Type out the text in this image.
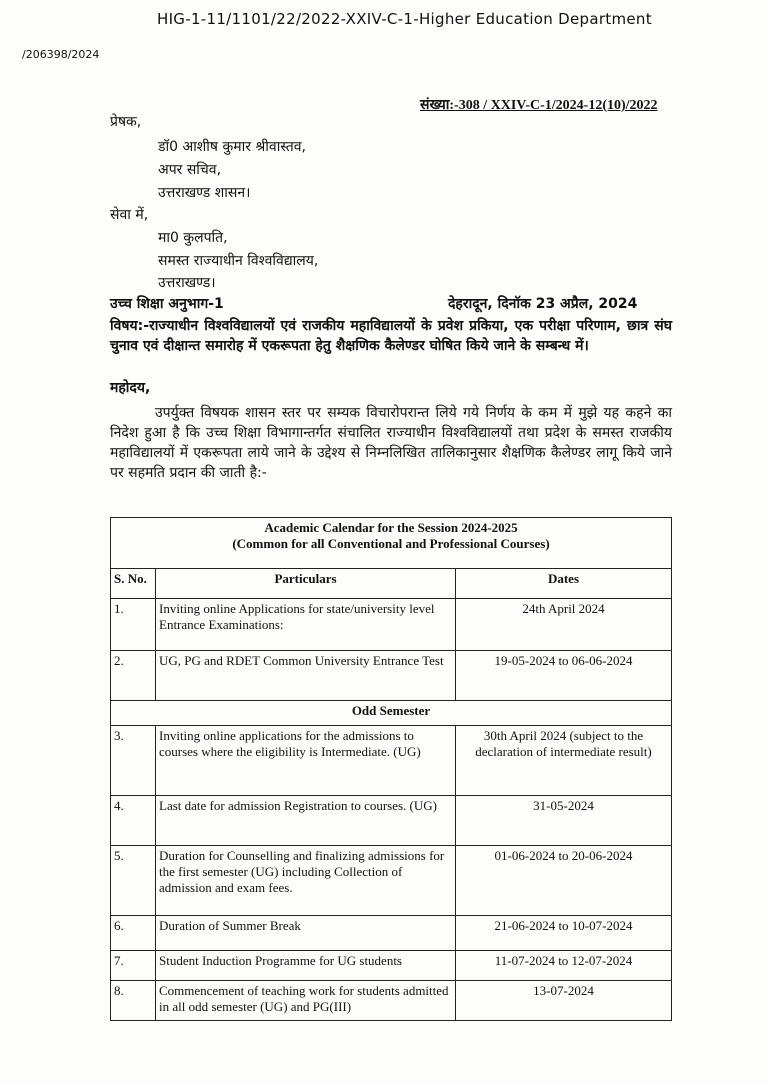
HIG-1-11/1101/22/2022-XXIV-C-1-Higher Education Department
/206398/2024
संख्या:-308 / XXIV-C-1/2024-12(10)/2022
प्रेषक,
डॉ0 आशीष कुमार श्रीवास्तव,
अपर सचिव,
उत्तराखण्ड शासन।
सेवा में,
मा0 कुलपति,
समस्त राज्याधीन विश्वविद्यालय,
उत्तराखण्ड।
उच्च शिक्षा अनुभाग-1	देहरादून, दिनॉक 23 अप्रैल, 2024
विषय:-राज्याधीन विश्वविद्यालयों एवं राजकीय महाविद्यालयों के प्रवेश प्रकिया, एक परीक्षा परिणाम, छात्र संघ चुनाव एवं दीक्षान्त समारोह में एकरूपता हेतु शैक्षणिक कैलेण्डर घोषित किये जाने के सम्बन्ध में।
महोदय,
उपर्युक्त विषयक शासन स्तर पर सम्यक विचारोपरान्त लिये गये निर्णय के कम में मुझे यह कहने का निदेश हुआ है कि उच्च शिक्षा विभागान्तर्गत संचालित राज्याधीन विश्वविद्यालयों तथा प्रदेश के समस्त राजकीय महाविद्यालयों में एकरूपता लाये जाने के उद्देश्य से निम्नलिखित तालिकानुसार शैक्षणिक कैलेण्डर लागू किये जाने पर सहमति प्रदान की जाती है:-
Academic Calendar for the Session 2024-2025
(Common for all Conventional and Professional Courses)		

S. No.	Particulars	Dates
1.	Inviting online Applications for state/university level Entrance Examinations:	24th April 2024
2.	UG, PG and RDET Common University Entrance Test	19-05-2024 to 06-06-2024
Odd Semester		
3.	Inviting online applications for the admissions to courses where the eligibility is Intermediate. (UG)	30th April 2024 (subject to the declaration of intermediate result)
4.	Last date for admission Registration to courses. (UG)	31-05-2024
5.	Duration for Counselling and finalizing admissions for the first semester (UG) including Collection of admission and exam fees.	01-06-2024 to 20-06-2024
6.	Duration of Summer Break	21-06-2024 to 10-07-2024
7.	Student Induction Programme for UG students	11-07-2024 to 12-07-2024
8.	Commencement of teaching work for students admitted in all odd semester (UG) and PG(III)	13-07-2024
